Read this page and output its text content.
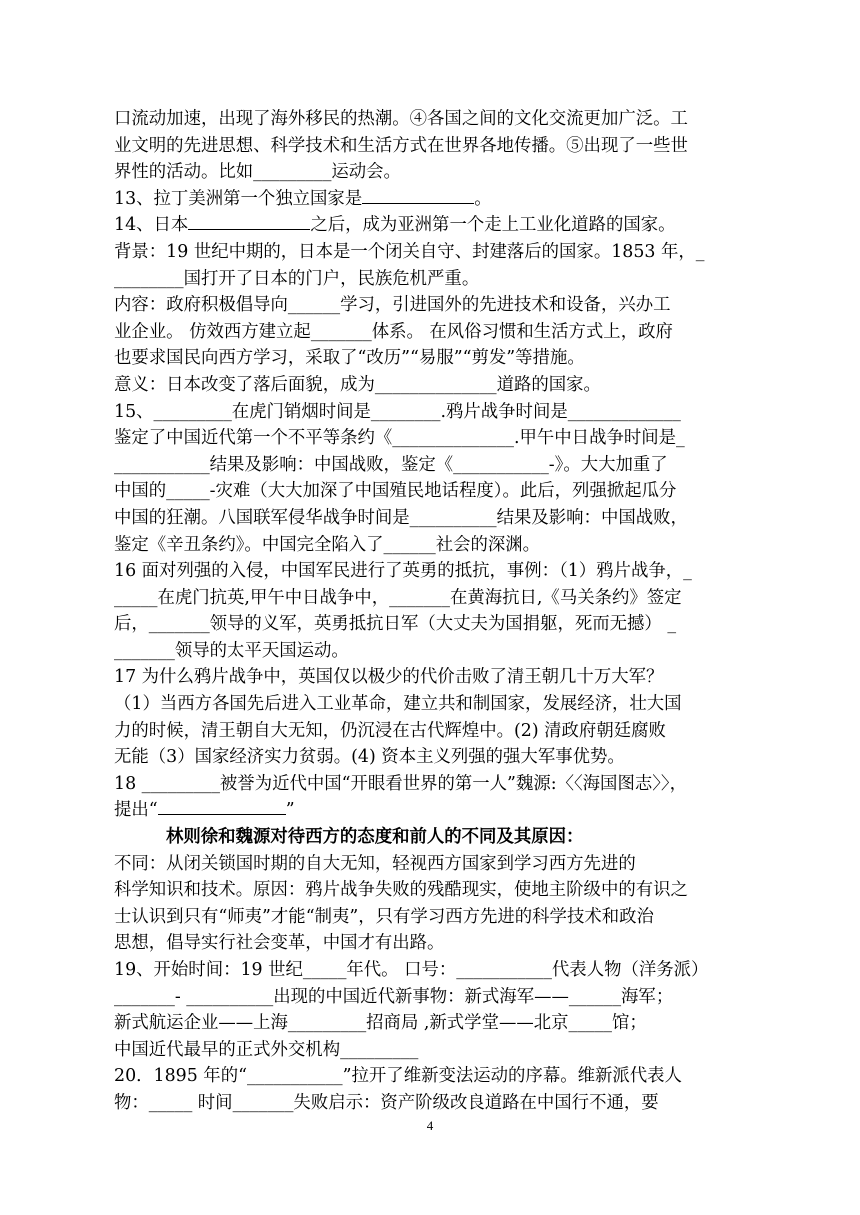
口流动加速，出现了海外移民的热潮。④各国之间的文化交流更加广泛。工
业文明的先进思想、科学技术和生活方式在世界各地传播。⑤出现了一些世
界性的活动。比如_________运动会。
13、拉丁美洲第一个独立国家是	。
14、日本	之后，成为亚洲第一个走上工业化道路的国家。
背景：19 世纪中期的，日本是一个闭关自守、封建落后的国家。1853 年，_
________国打开了日本的门户，民族危机严重。
内容：政府积极倡导向______学习，引进国外的先进技术和设备，兴办工
业企业。 仿效西方建立起_______体系。 在风俗习惯和生活方式上，政府
也要求国民向西方学习，采取了“改历”“易服”“剪发”等措施。
意义：日本改变了落后面貌，成为______________道路的国家。
15、_________在虎门销烟时间是________.鸦片战争时间是_____________
鉴定了中国近代第一个不平等条约《______________.甲午中日战争时间是_
___________结果及影响：中国战败，鉴定《___________-》。大大加重了
中国的_____-灾难（大大加深了中国殖民地话程度）。此后，列强掀起瓜分
中国的狂潮。八国联军侵华战争时间是__________结果及影响：中国战败，
鉴定《辛丑条约》。中国完全陷入了______社会的深渊。
16 面对列强的入侵，中国军民进行了英勇的抵抗，事例：（1）鸦片战争，_
_____在虎门抗英,甲午中日战争中，_______在黄海抗日,《马关条约》签定
后，_______领导的义军，英勇抵抗日军（大丈夫为国捐躯，死而无撼） _
_______领导的太平天国运动。
17 为什么鸦片战争中，英国仅以极少的代价击败了清王朝几十万大军？
（1）当西方各国先后进入工业革命，建立共和制国家，发展经济，壮大国
力的时候，清王朝自大无知，仍沉浸在古代辉煌中。(2) 清政府朝廷腐败
无能（3）国家经济实力贫弱。(4) 资本主义列强的强大军事优势。
18 _________被誉为近代中国“开眼看世界的第一人”魏源:〈〈海国图志〉〉，
提出“	”
林则徐和魏源对待西方的态度和前人的不同及其原因：
不同：从闭关锁国时期的自大无知，轻视西方国家到学习西方先进的
科学知识和技术。原因：鸦片战争失败的残酷现实，使地主阶级中的有识之
士认识到只有“师夷”才能“制夷”，只有学习西方先进的科学技术和政治
思想，倡导实行社会变革，中国才有出路。
19、开始时间：19 世纪_____年代。 口号：___________代表人物（洋务派）
_______- __________出现的中国近代新事物：新式海军——______海军；
新式航运企业——上海_________招商局 ,新式学堂——北京_____馆；
中国近代最早的正式外交机构_________
20．1895 年的“___________”拉开了维新变法运动的序幕。维新派代表人
物：_____ 时间_______失败启示：资产阶级改良道路在中国行不通，要
4
